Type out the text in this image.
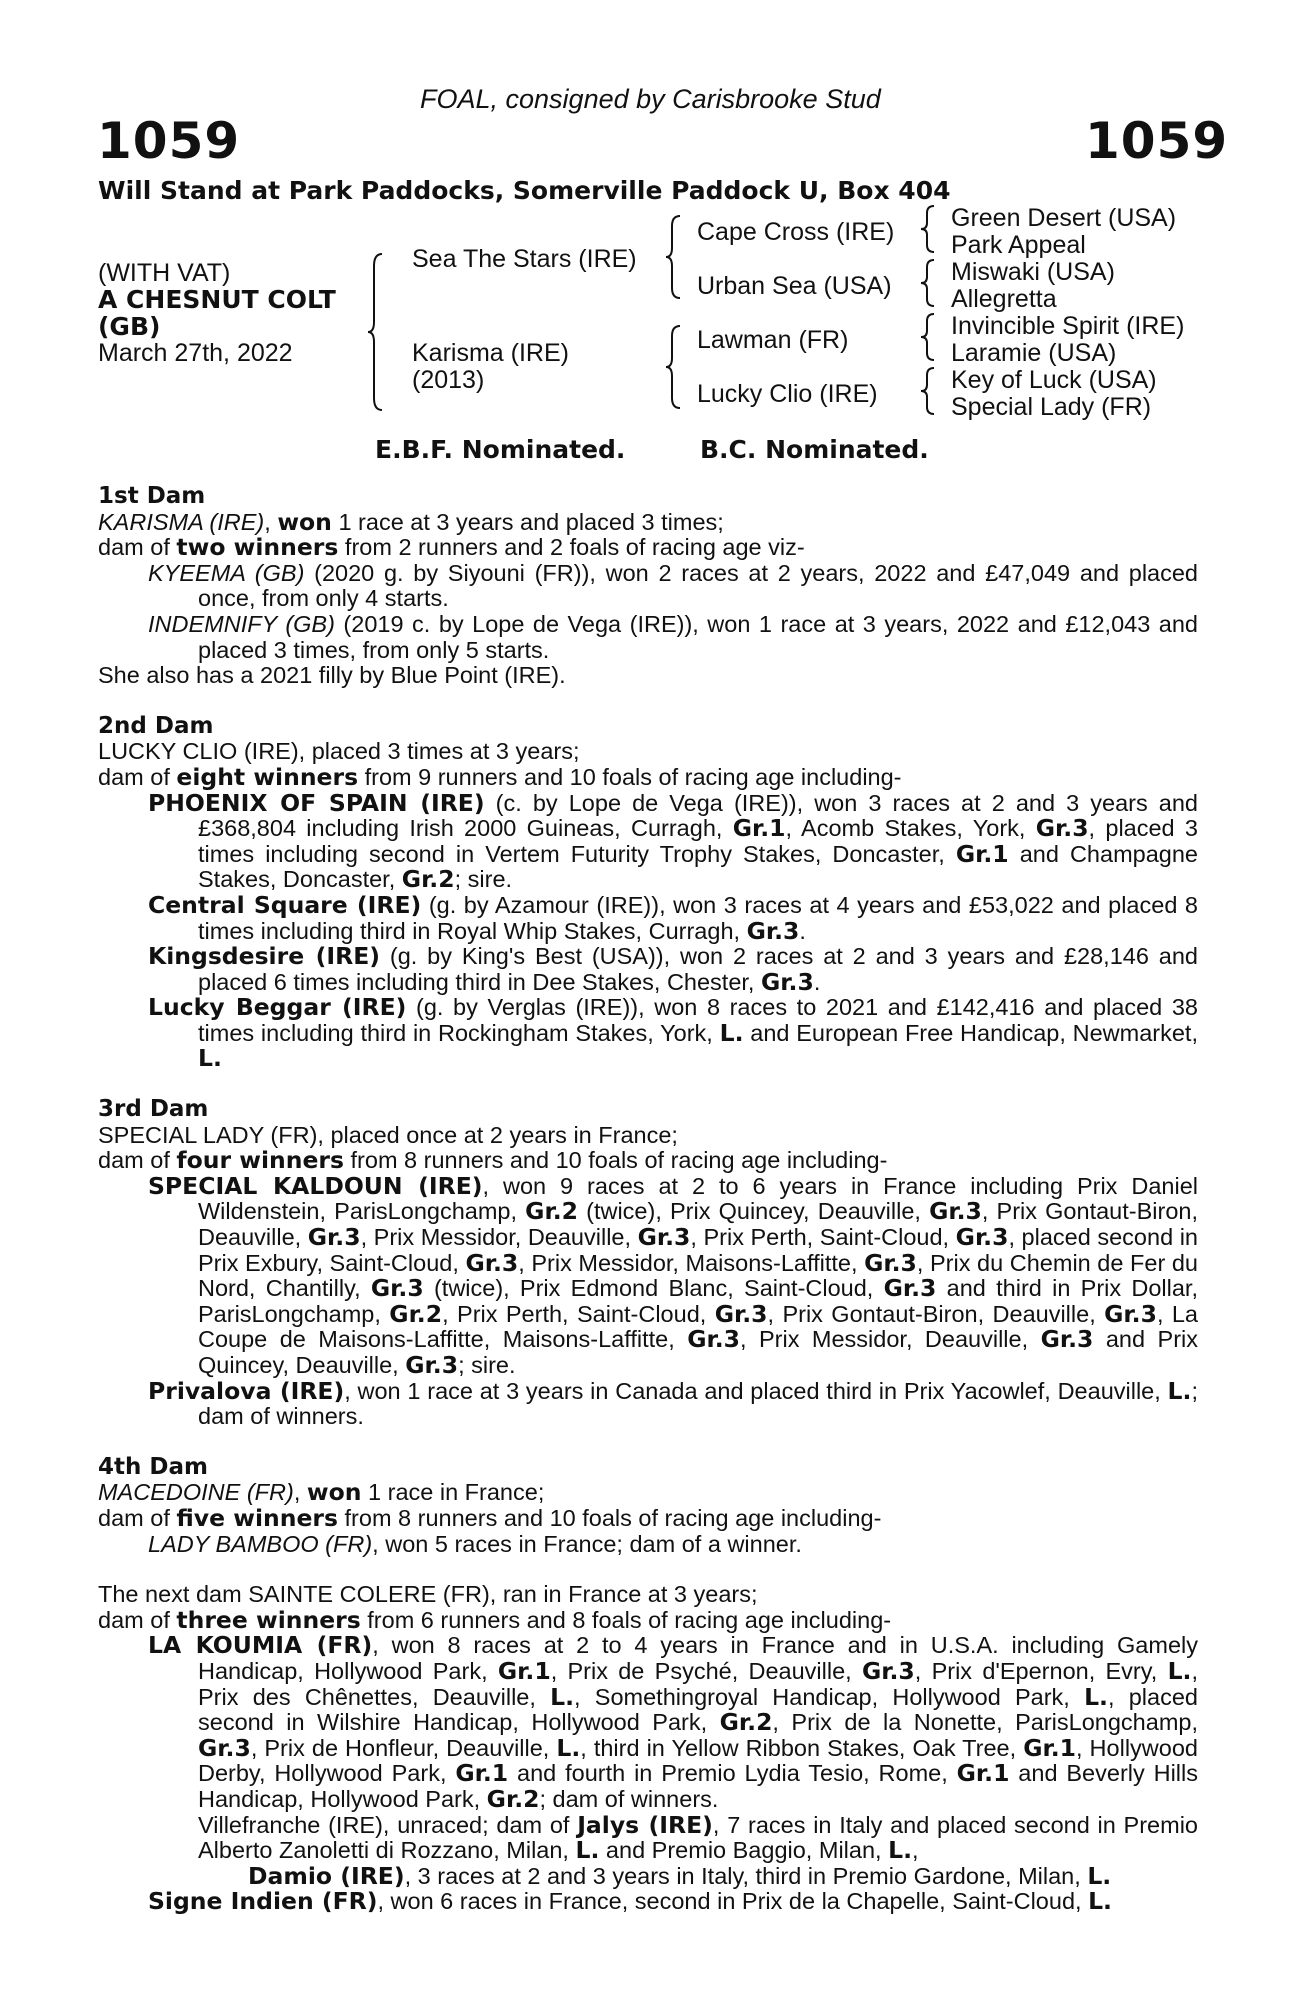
FOAL, consigned by Carisbrooke Stud
1059	1059
Will Stand at Park Paddocks, Somerville Paddock U, Box 404
(WITH VAT)
A CHESNUT COLT
(GB)
March 27th, 2022
Sea The Stars (IRE)
Karisma (IRE)
(2013)
Cape Cross (IRE)
Urban Sea (USA)
Lawman (FR)
Lucky Clio (IRE)
Green Desert (USA)
Park Appeal
Miswaki (USA)
Allegretta
Invincible Spirit (IRE)
Laramie (USA)
Key of Luck (USA)
Special Lady (FR)
E.B.F. Nominated.	B.C. Nominated.
1st Dam
KARISMA (IRE), won 1 race at 3 years and placed 3 times;
dam of two winners from 2 runners and 2 foals of racing age viz-
KYEEMA (GB) (2020 g. by Siyouni (FR)), won 2 races at 2 years, 2022 and £47,049 and placed once, from only 4 starts.
INDEMNIFY (GB) (2019 c. by Lope de Vega (IRE)), won 1 race at 3 years, 2022 and £12,043 and placed 3 times, from only 5 starts.
She also has a 2021 filly by Blue Point (IRE).
2nd Dam
LUCKY CLIO (IRE), placed 3 times at 3 years;
dam of eight winners from 9 runners and 10 foals of racing age including-
PHOENIX OF SPAIN (IRE) (c. by Lope de Vega (IRE)), won 3 races at 2 and 3 years and £368,804 including Irish 2000 Guineas, Curragh, Gr.1, Acomb Stakes, York, Gr.3, placed 3 times including second in Vertem Futurity Trophy Stakes, Doncaster, Gr.1 and Champagne Stakes, Doncaster, Gr.2; sire.
Central Square (IRE) (g. by Azamour (IRE)), won 3 races at 4 years and £53,022 and placed 8 times including third in Royal Whip Stakes, Curragh, Gr.3.
Kingsdesire (IRE) (g. by King's Best (USA)), won 2 races at 2 and 3 years and £28,146 and placed 6 times including third in Dee Stakes, Chester, Gr.3.
Lucky Beggar (IRE) (g. by Verglas (IRE)), won 8 races to 2021 and £142,416 and placed 38 times including third in Rockingham Stakes, York, L. and European Free Handicap, Newmarket, L.
3rd Dam
SPECIAL LADY (FR), placed once at 2 years in France;
dam of four winners from 8 runners and 10 foals of racing age including-
SPECIAL KALDOUN (IRE), won 9 races at 2 to 6 years in France including Prix Daniel Wildenstein, ParisLongchamp, Gr.2 (twice), Prix Quincey, Deauville, Gr.3, Prix Gontaut-Biron, Deauville, Gr.3, Prix Messidor, Deauville, Gr.3, Prix Perth, Saint-Cloud, Gr.3, placed second in Prix Exbury, Saint-Cloud, Gr.3, Prix Messidor, Maisons-Laffitte, Gr.3, Prix du Chemin de Fer du Nord, Chantilly, Gr.3 (twice), Prix Edmond Blanc, Saint-Cloud, Gr.3 and third in Prix Dollar, ParisLongchamp, Gr.2, Prix Perth, Saint-Cloud, Gr.3, Prix Gontaut-Biron, Deauville, Gr.3, La Coupe de Maisons-Laffitte, Maisons-Laffitte, Gr.3, Prix Messidor, Deauville, Gr.3 and Prix Quincey, Deauville, Gr.3; sire.
Privalova (IRE), won 1 race at 3 years in Canada and placed third in Prix Yacowlef, Deauville, L.; dam of winners.
4th Dam
MACEDOINE (FR), won 1 race in France;
dam of five winners from 8 runners and 10 foals of racing age including-
LADY BAMBOO (FR), won 5 races in France; dam of a winner.
The next dam SAINTE COLERE (FR), ran in France at 3 years;
dam of three winners from 6 runners and 8 foals of racing age including-
LA KOUMIA (FR), won 8 races at 2 to 4 years in France and in U.S.A. including Gamely Handicap, Hollywood Park, Gr.1, Prix de Psyché, Deauville, Gr.3, Prix d'Epernon, Evry, L., Prix des Chênettes, Deauville, L., Somethingroyal Handicap, Hollywood Park, L., placed second in Wilshire Handicap, Hollywood Park, Gr.2, Prix de la Nonette, ParisLongchamp, Gr.3, Prix de Honfleur, Deauville, L., third in Yellow Ribbon Stakes, Oak Tree, Gr.1, Hollywood Derby, Hollywood Park, Gr.1 and fourth in Premio Lydia Tesio, Rome, Gr.1 and Beverly Hills Handicap, Hollywood Park, Gr.2; dam of winners.
Villefranche (IRE), unraced; dam of Jalys (IRE), 7 races in Italy and placed second in Premio Alberto Zanoletti di Rozzano, Milan, L. and Premio Baggio, Milan, L.,
Damio (IRE), 3 races at 2 and 3 years in Italy, third in Premio Gardone, Milan, L.
Signe Indien (FR), won 6 races in France, second in Prix de la Chapelle, Saint-Cloud, L.
